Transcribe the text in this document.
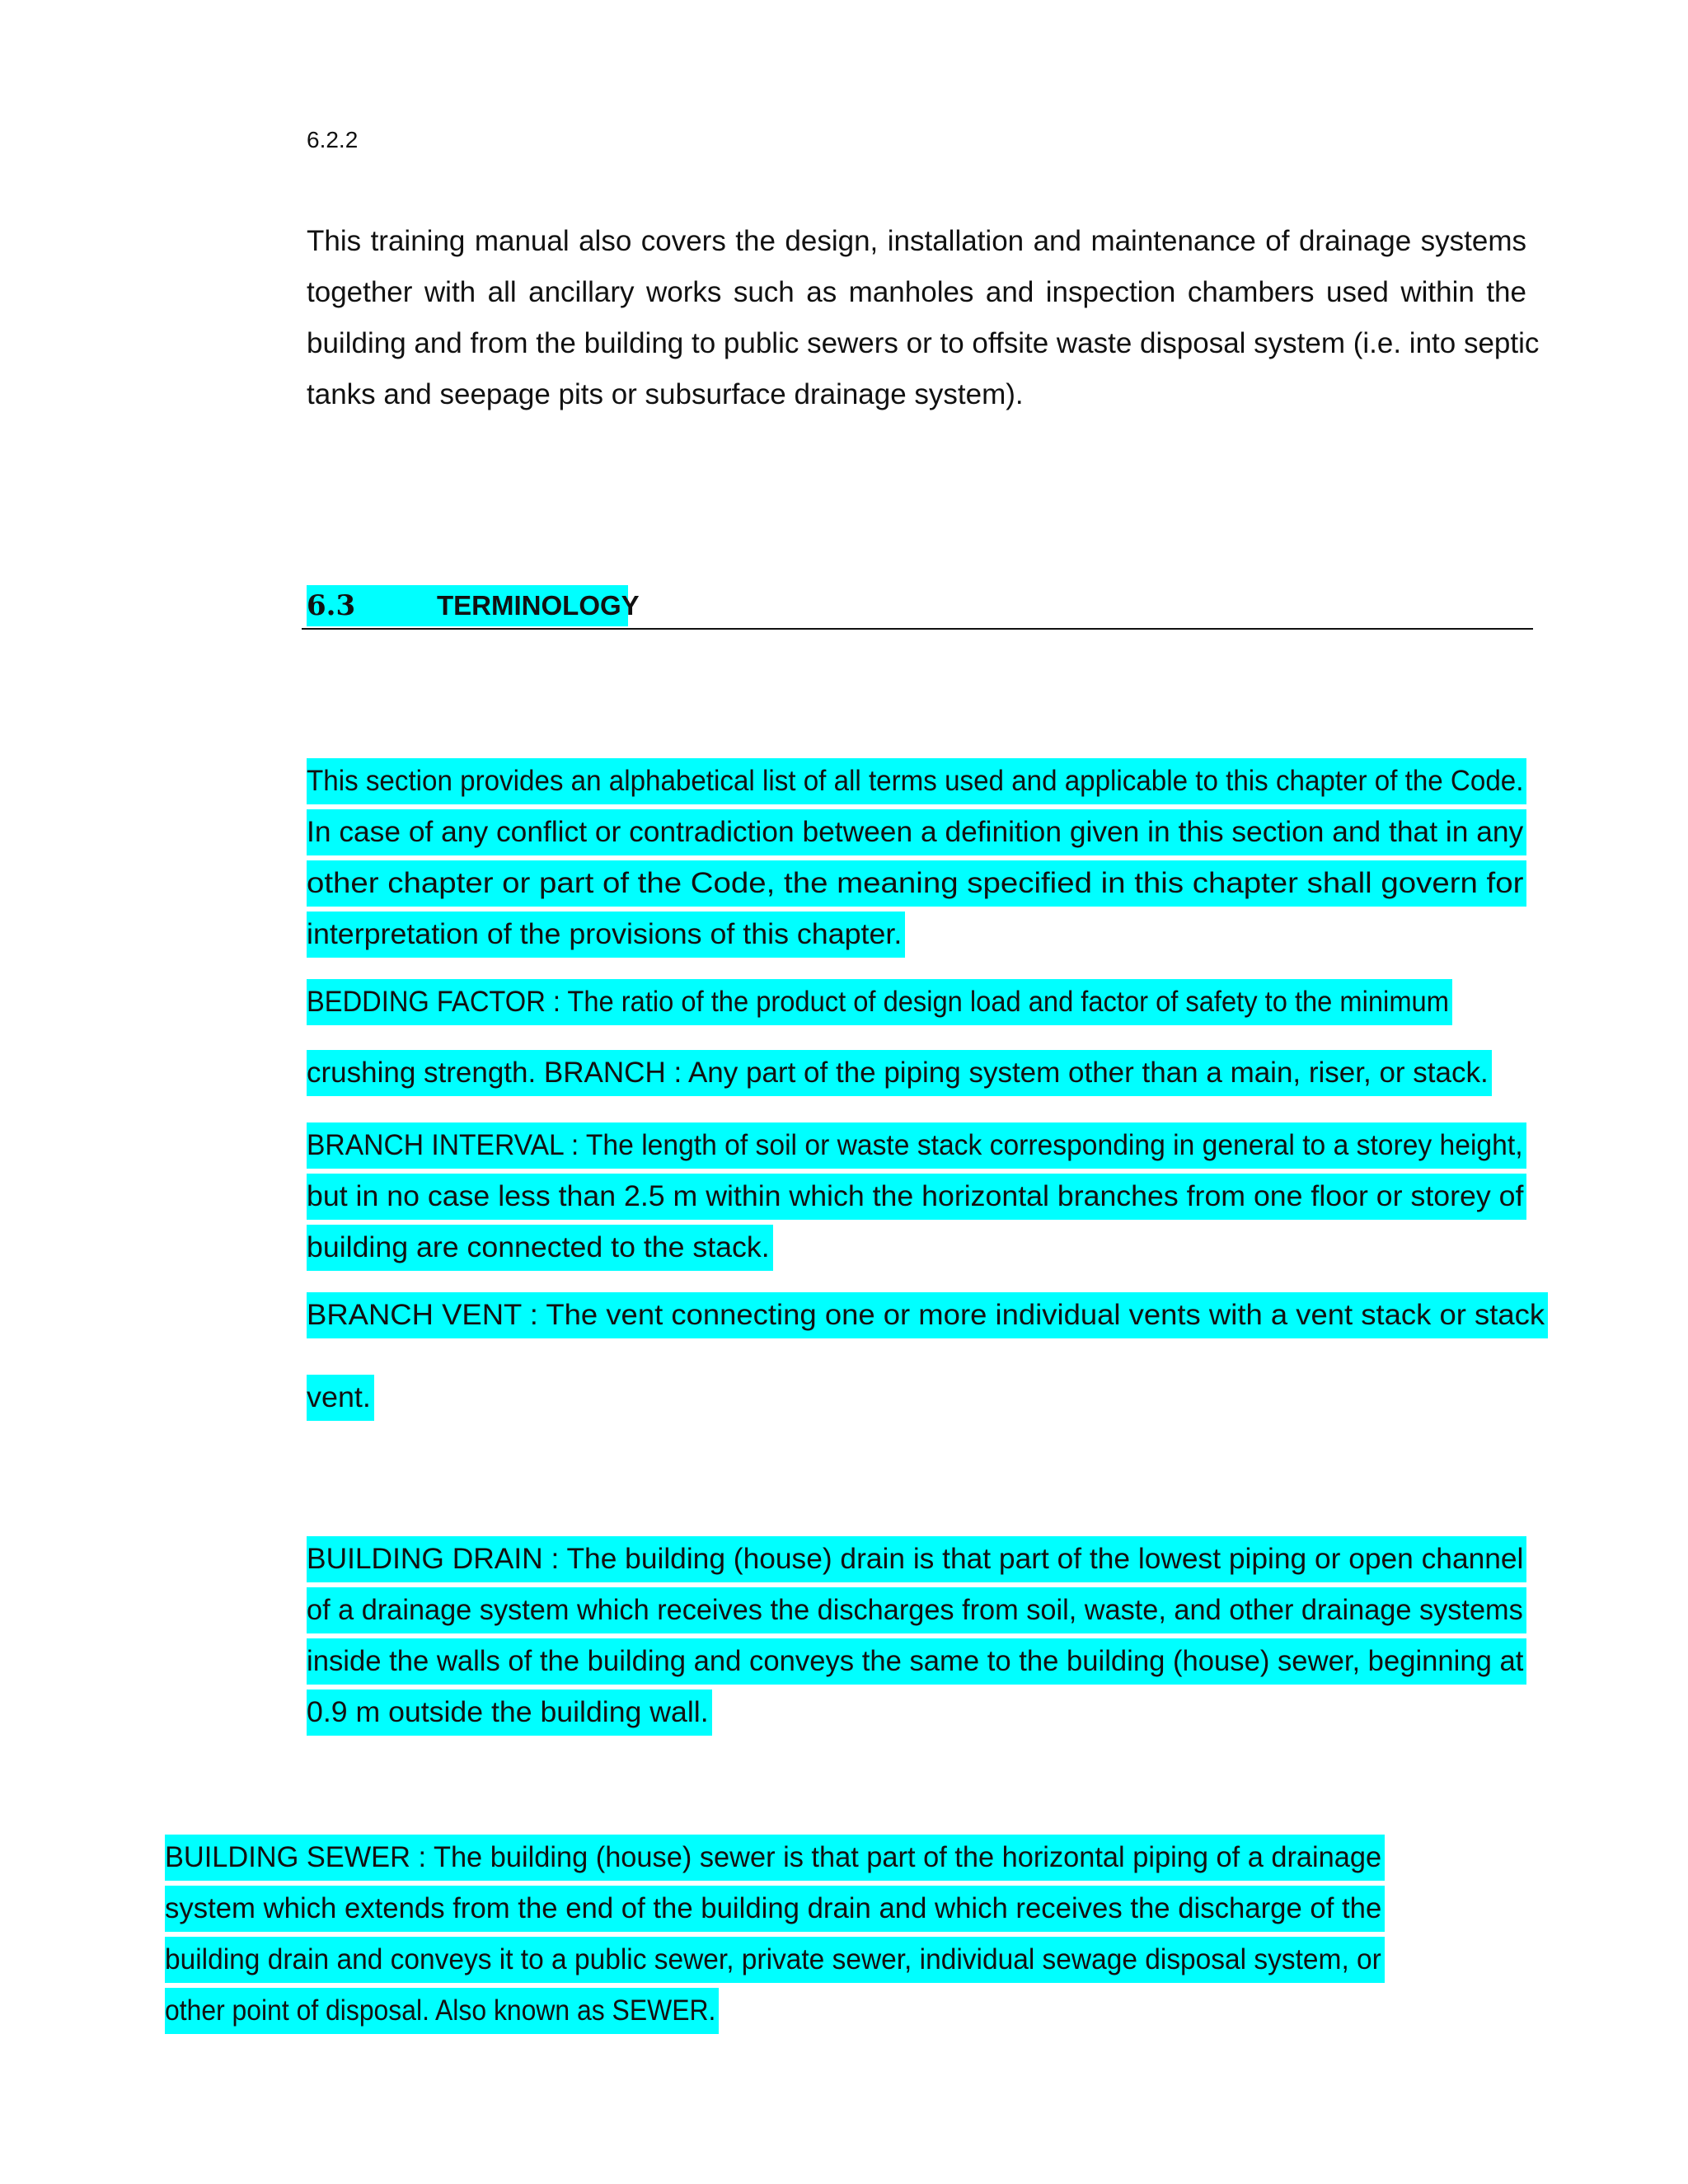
6.2.2
This training manual also covers the design, installation and maintenance of drainage systems
together with all ancillary works such as manholes and inspection chambers used within the
building and from the building to public sewers or to offsite waste disposal system (i.e. into septic
tanks and seepage pits or subsurface drainage system).
6.3	TERMINOLOGY
This section provides an alphabetical list of all terms used and applicable to this chapter of the Code.
In case of any conflict or contradiction between a definition given in this section and that in any
other chapter or part of the Code, the meaning specified in this chapter shall govern for
interpretation of the provisions of this chapter.
BEDDING FACTOR : The ratio of the product of design load and factor of safety to the minimum
crushing strength. BRANCH : Any part of the piping system other than a main, riser, or stack.
BRANCH INTERVAL : The length of soil or waste stack corresponding in general to a storey height,
but in no case less than 2.5 m within which the horizontal branches from one floor or storey of
building are connected to the stack.
BRANCH VENT : The vent connecting one or more individual vents with a vent stack or stack
vent.
BUILDING DRAIN : The building (house) drain is that part of the lowest piping or open channel
of a drainage system which receives the discharges from soil, waste, and other drainage systems
inside the walls of the building and conveys the same to the building (house) sewer, beginning at
0.9 m outside the building wall.
BUILDING SEWER : The building (house) sewer is that part of the horizontal piping of a drainage
system which extends from the end of the building drain and which receives the discharge of the
building drain and conveys it to a public sewer, private sewer, individual sewage disposal system, or
other point of disposal. Also known as SEWER.
